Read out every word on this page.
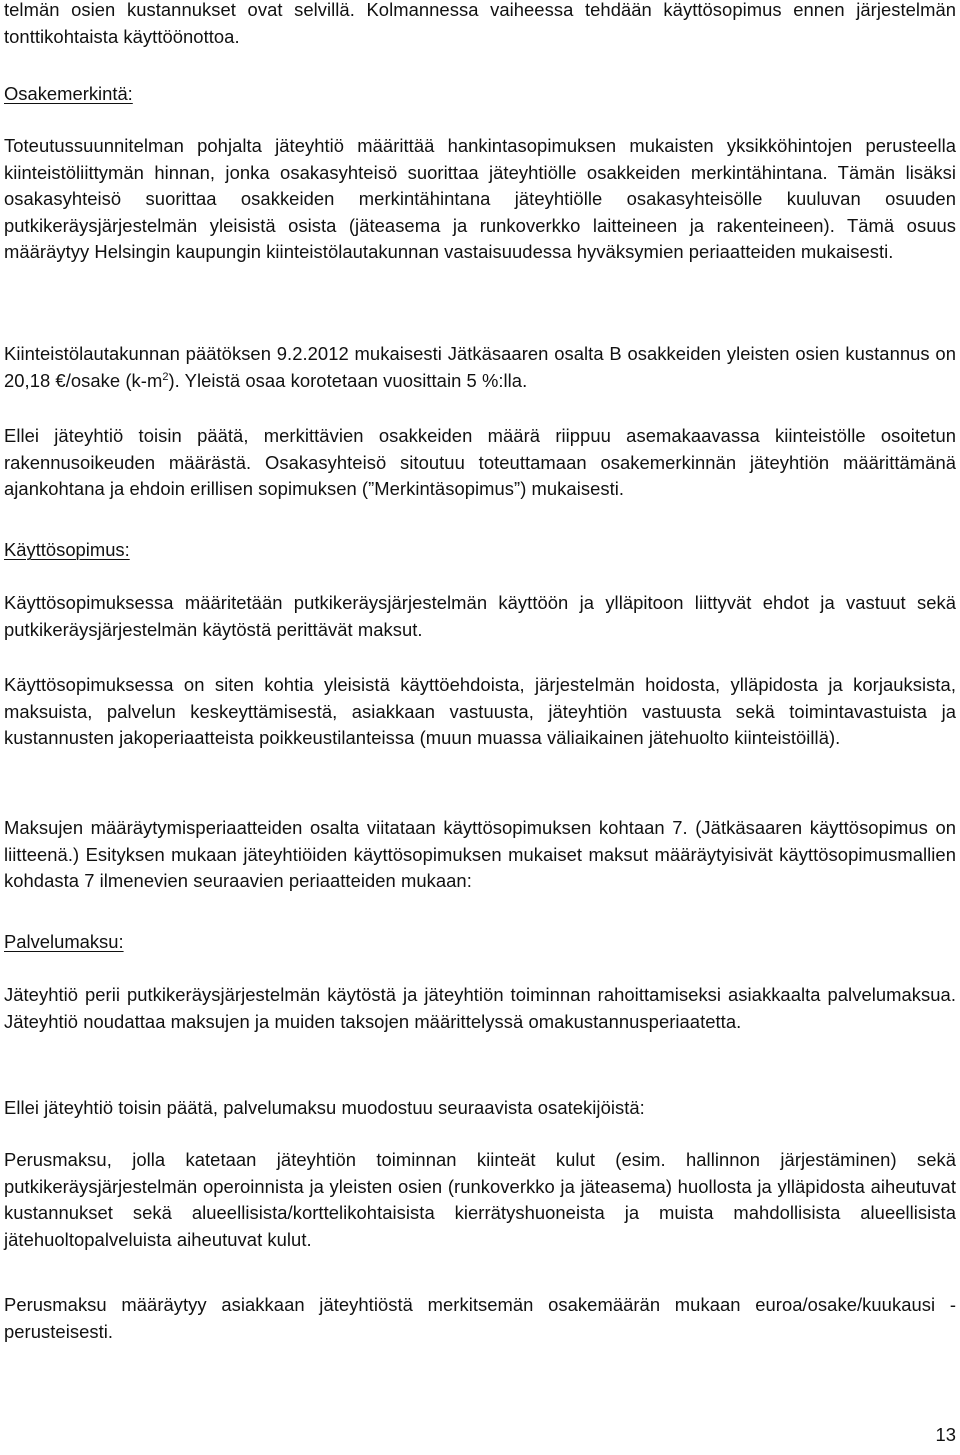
telmän osien kustannukset ovat selvillä. Kolmannessa vaiheessa tehdään käyttösopimus ennen järjestelmän tonttikohtaista käyttöönottoa.

Osakemerkintä:

Toteutussuunnitelman pohjalta jäteyhtiö määrittää hankintasopimuksen mukaisten yksikköhintojen perusteella kiinteistöliittymän hinnan, jonka osakasyhteisö suorittaa jäteyhtiölle osakkeiden merkintähintana. Tämän lisäksi osakasyhteisö suorittaa osakkeiden merkintähintana jäteyhtiölle osakasyhteisölle kuuluvan osuuden putkikeräysjärjestelmän yleisistä osista (jäteasema ja runkoverkko laitteineen ja rakenteineen). Tämä osuus määräytyy Helsingin kaupungin kiinteistölautakunnan vastaisuudessa hyväksymien periaatteiden mukaisesti.

Kiinteistölautakunnan päätöksen 9.2.2012 mukaisesti Jätkäsaaren osalta B osakkeiden yleisten osien kustannus on 20,18 €/osake $(k-m^2)$. Yleistä osaa korotetaan vuosittain 5 %:lla.

Ellei jäteyhtiö toisin päätä, merkittävien osakkeiden määrä riippuu asemakaavassa kiinteistölle osoitetun rakennusoikeuden määrästä. Osakasyhteisö sitoutuu toteuttamaan osakemerkinnän jäteyhtiön määrittämänä ajankohtana ja ehdoin erillisen sopimuksen (”Merkintäsopimus”) mukaisesti.

Käyttösopimus:

Käyttösopimuksessa määritetään putkikeräysjärjestelmän käyttöön ja ylläpitoon liittyvät ehdot ja vastuut sekä putkikeräysjärjestelmän käytöstä perittävät maksut.

Käyttösopimuksessa on siten kohtia yleisistä käyttöehdoista, järjestelmän hoidosta, ylläpidosta ja korjauksista, maksuista, palvelun keskeyttämisestä, asiakkaan vastuusta, jäteyhtiön vastuusta sekä toimintavastuista ja kustannusten jakoperiaatteista poikkeustilanteissa (muun muassa väliaikainen jätehuolto kiinteistöillä).

Maksujen määräytymisperiaatteiden osalta viitataan käyttösopimuksen kohtaan 7. (Jätkäsaaren käyttösopimus on liitteenä.) Esityksen mukaan jäteyhtiöiden käyttösopimuksen mukaiset maksut määräytyisivät käyttösopimusmallien kohdasta 7 ilmenevien seuraavien periaatteiden mukaan:

Palvelumaksu:

Jäteyhtiö perii putkikeräysjärjestelmän käytöstä ja jäteyhtiön toiminnan rahoittamiseksi asiakkaalta palvelumaksua. Jäteyhtiö noudattaa maksujen ja muiden taksojen määrittelyssä omakustannusperiaatetta.

Ellei jäteyhtiö toisin päätä, palvelumaksu muodostuu seuraavista osatekijöistä:

Perusmaksu, jolla katetaan jäteyhtiön toiminnan kiinteät kulut (esim. hallinnon järjestäminen) sekä putkikeräysjärjestelmän operoinnista ja yleisten osien (runkoverkko ja jäteasema) huollosta ja ylläpidosta aiheutuvat kustannukset sekä alueellisista/korttelikohtaisista kierrätyshuoneista ja muista mahdollisista alueellisista jätehuoltopalveluista aiheutuvat kulut.

Perusmaksu määräytyy asiakkaan jäteyhtiöstä merkitsemän osakemäärän mukaan euroa/osake/kuukausi -perusteisesti.

13
